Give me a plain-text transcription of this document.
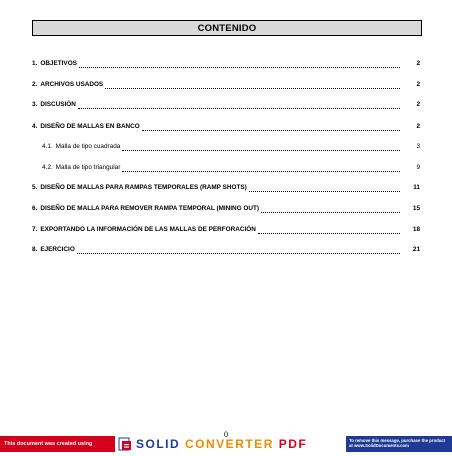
CONTENIDO
1. OBJETIVOS	2
2. ARCHIVOS USADOS	2
3. DISCUSIÓN	2
4. DISEÑO DE MALLAS EN BANCO	2
4.1. Malla de tipo cuadrada	3
4.2. Malla de tipo triangular	9
5. DISEÑO DE MALLAS PARA RAMPAS TEMPORALES (RAMP SHOTS)	11
6. DISEÑO DE MALLA PARA REMOVER RAMPA TEMPORAL (MINING OUT)	15
7. EXPORTANDO LA INFORMACIÓN DE LAS MALLAS DE PERFORACIÓN	18
8. EJERCICIO	21
0
This document was created using	SOLID CONVERTER PDF	To remove this message, purchase the product at www.SolidDocuments.com
